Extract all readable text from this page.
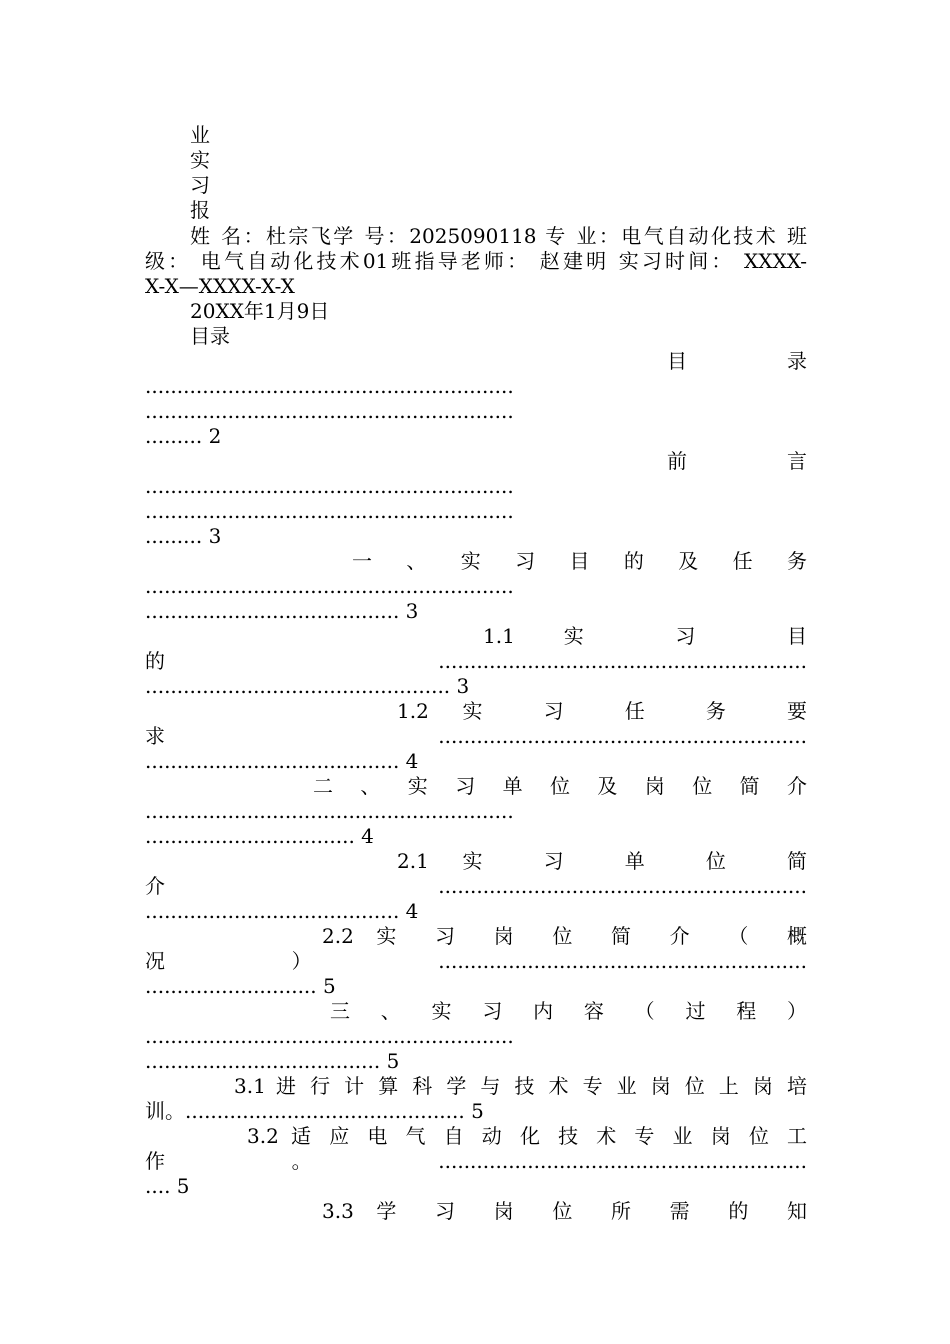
业
实
习
报
姓 名：杜宗飞学 号：2025090118 专 业：电气自动化技术 班
级： 电气自动化技术01班指导老师： 赵建明 实习时间： XXXX-
X-X—XXXX-X-X
20XX年1月9日
目录
目 录
..........................................................
..........................................................
......... 2
前 言
..........................................................
..........................................................
......... 3
一 、 实 习 目 的 及 任 务
..........................................................
........................................ 3
1.1 实 习 目
的..........................................................
................................................ 3
1.2 实 习 任 务 要
求..........................................................
........................................ 4
二 、 实 习 单 位 及 岗 位 简 介
..........................................................
................................. 4
2.1 实 习 单 位 简
介..........................................................
........................................ 4
2.2 实 习 岗 位 简 介 （ 概
况）..........................................................
........................... 5
三 、 实 习 内 容 （ 过 程 ）
..........................................................
..................................... 5
3.1 进 行 计 算 科 学 与 技 术 专 业 岗 位 上 岗 培
训。............................................ 5
3.2 适 应 电 气 自 动 化 技 术 专 业 岗 位 工
作。..........................................................
.... 5
3.3 学 习 岗 位 所 需 的 知
